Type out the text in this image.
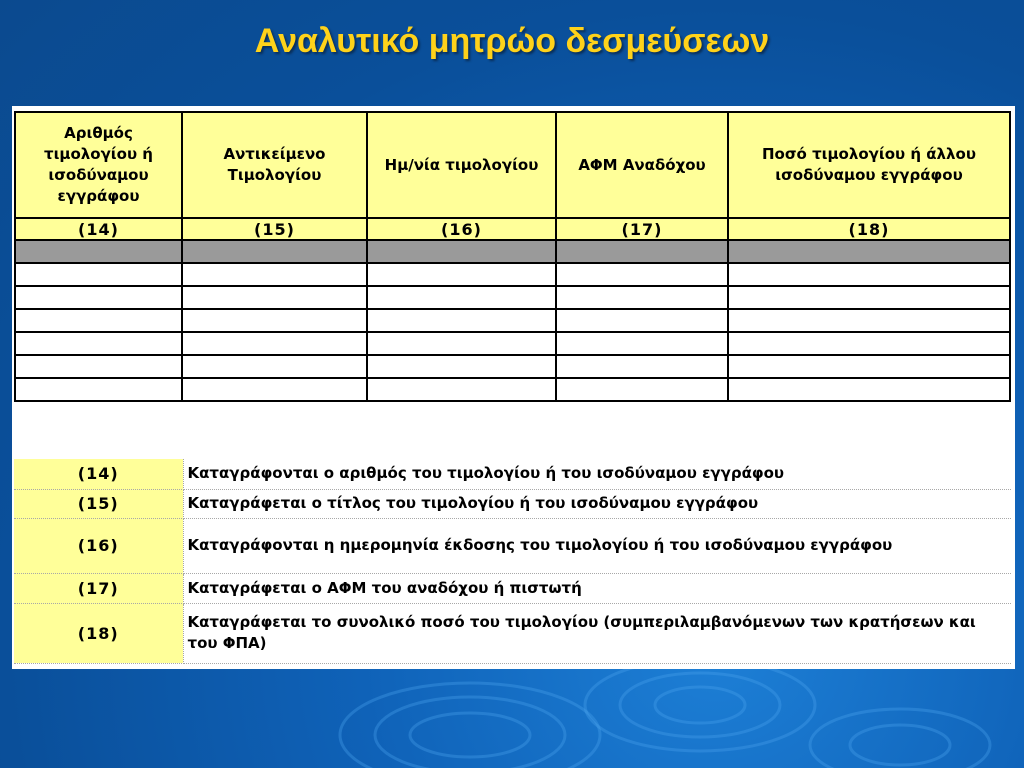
Αναλυτικό μητρώο δεσμεύσεων
Αριθμός τιμολογίου ή ισοδύναμου εγγράφου	Αντικείμενο Τιμολογίου	Ημ/νία τιμολογίου	ΑΦΜ Αναδόχου	Ποσό τιμολογίου ή άλλου ισοδύναμου εγγράφου
(14)	(15)	(16)	(17)	(18)

(14)	Καταγράφονται ο αριθμός του τιμολογίου ή του ισοδύναμου εγγράφου
(15)	Καταγράφεται ο τίτλος του τιμολογίου ή του ισοδύναμου εγγράφου
(16)	Καταγράφονται η ημερομηνία έκδοσης του τιμολογίου ή του ισοδύναμου εγγράφου
(17)	Καταγράφεται ο ΑΦΜ του αναδόχου ή πιστωτή
(18)	Καταγράφεται το συνολικό ποσό του τιμολογίου (συμπεριλαμβανόμενων των κρατήσεων και του ΦΠΑ)
